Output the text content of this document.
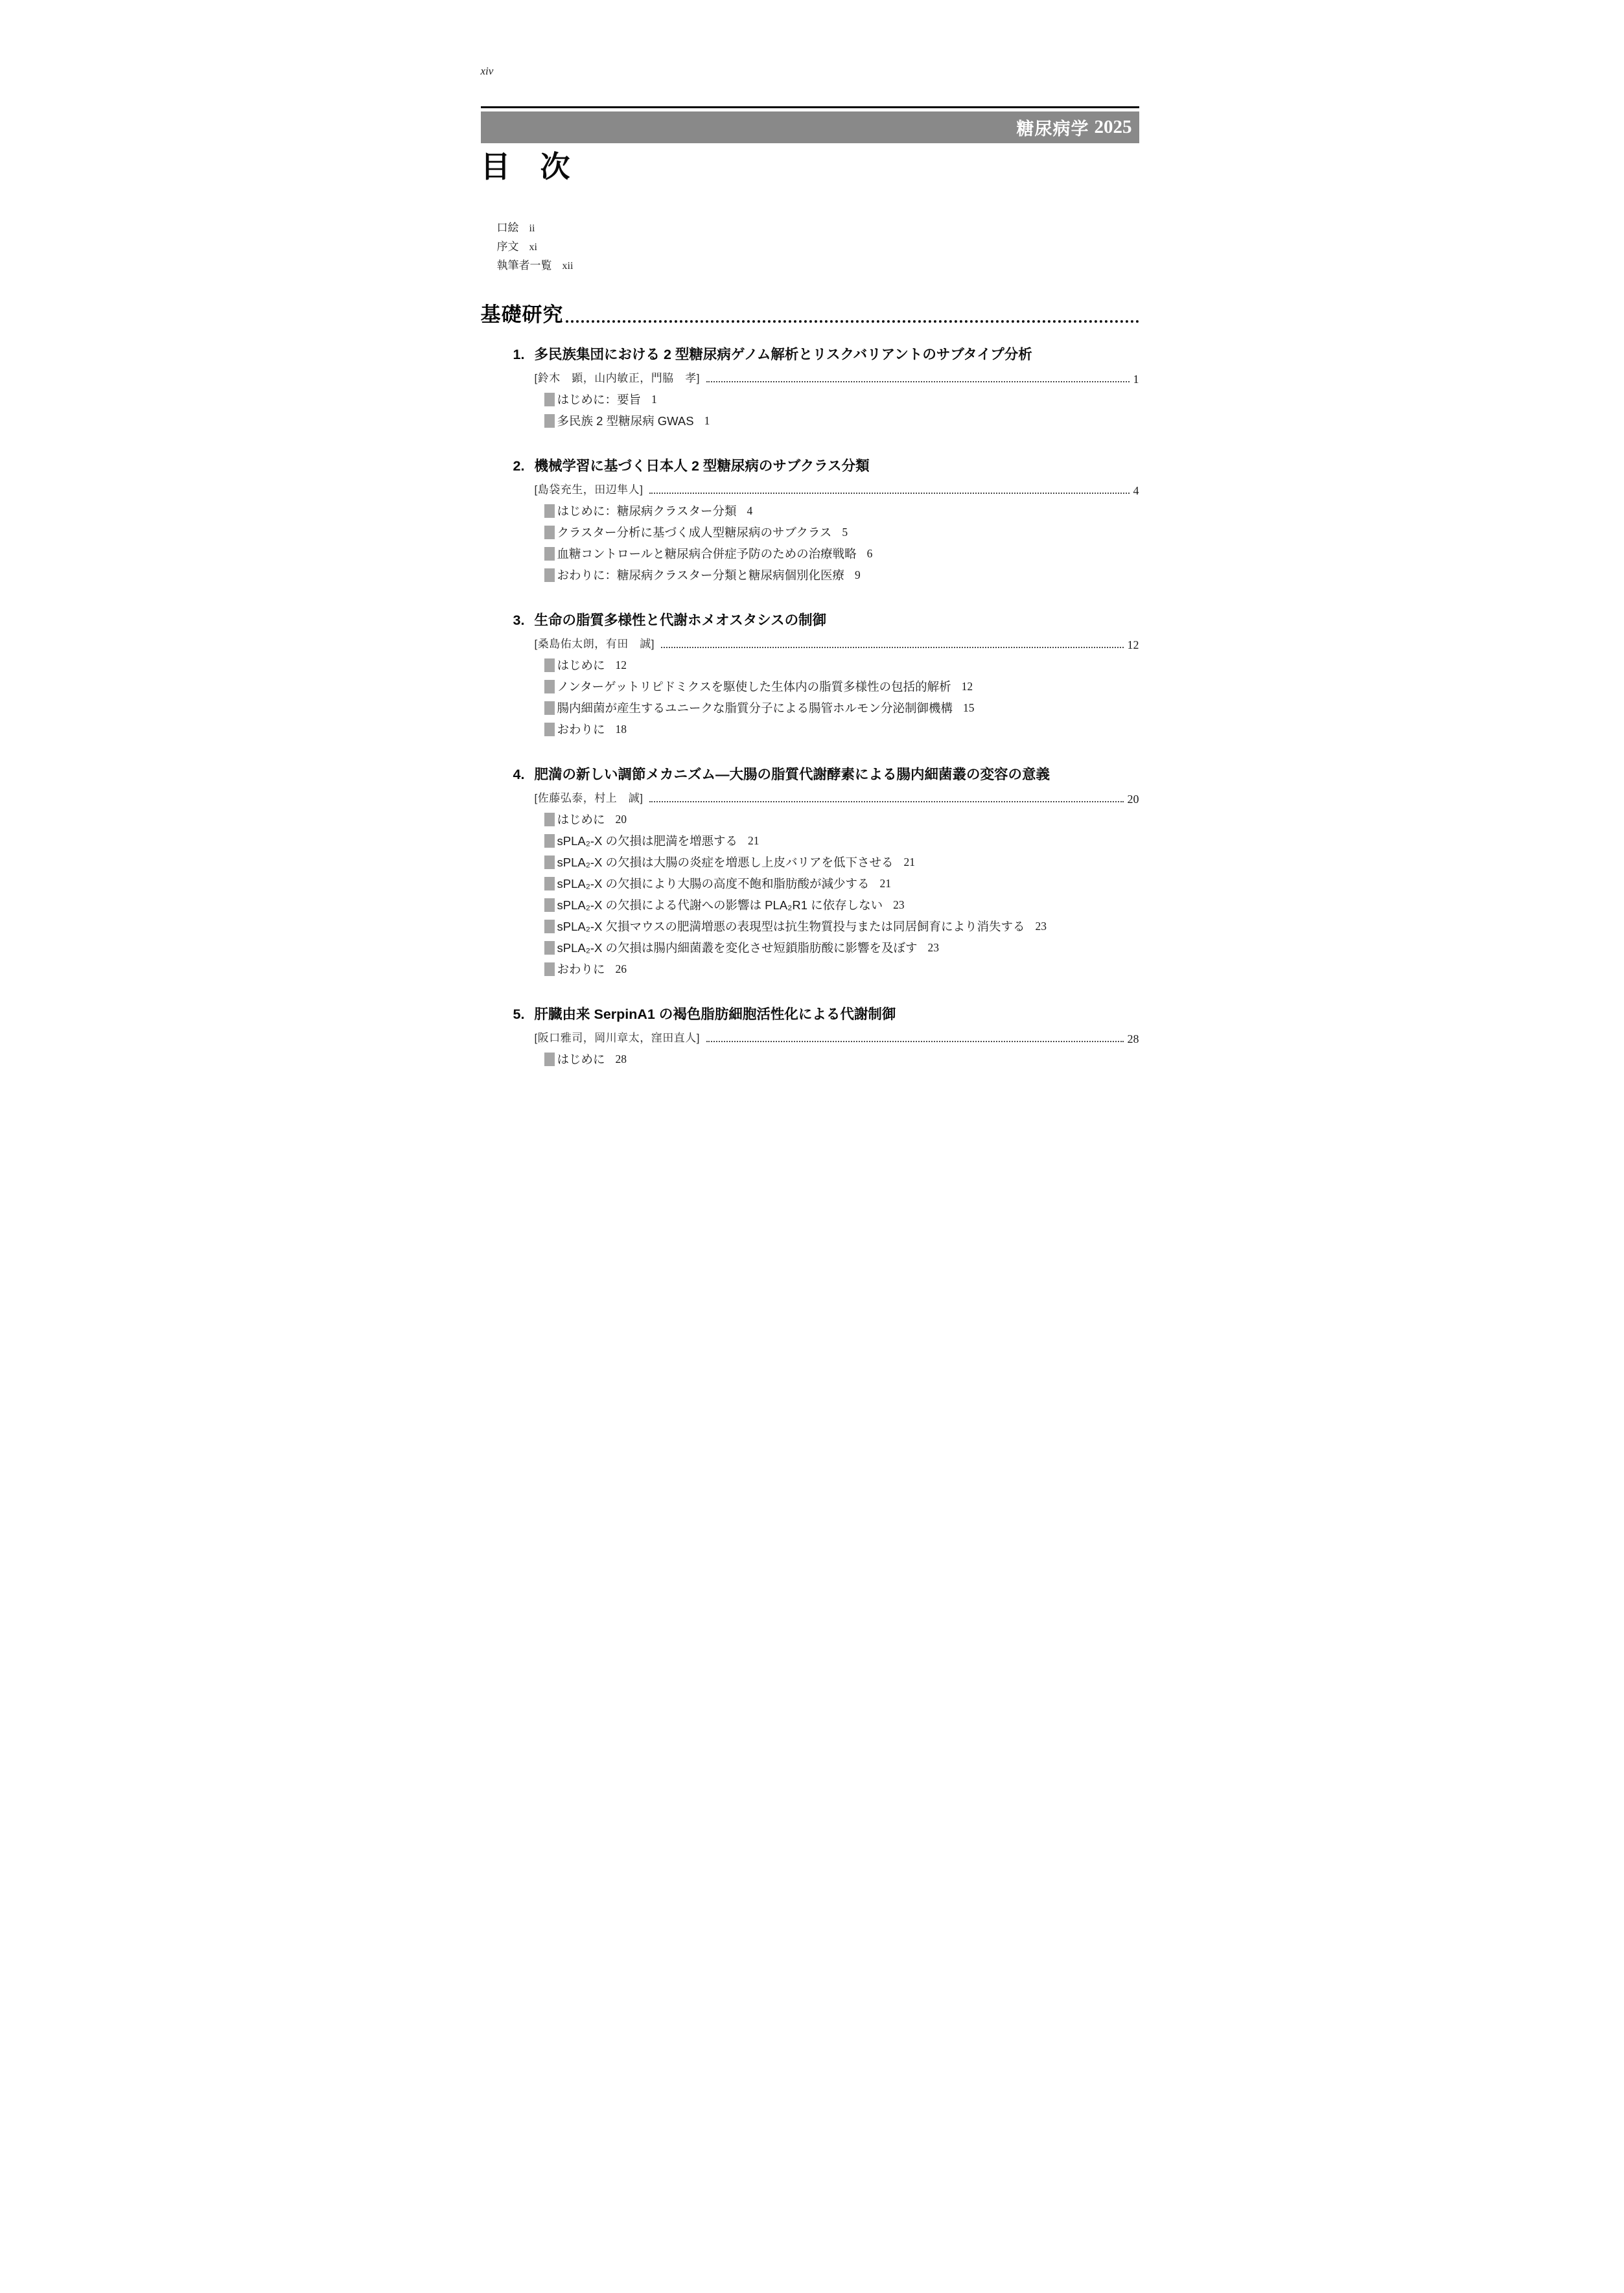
xiv
糖尿病学 2025
目　次
口絵 ii
序文 xi
執筆者一覧 xii
基礎研究
1. 多民族集団における 2 型糖尿病ゲノム解析とリスクバリアントのサブタイプ分析
[鈴木　顕，山内敏正，門脇　孝]	1
はじめに：要旨 1
多民族 2 型糖尿病 GWAS 1
2. 機械学習に基づく日本人 2 型糖尿病のサブクラス分類
[島袋充生，田辺隼人]	4
はじめに：糖尿病クラスター分類 4
クラスター分析に基づく成人型糖尿病のサブクラス 5
血糖コントロールと糖尿病合併症予防のための治療戦略 6
おわりに：糖尿病クラスター分類と糖尿病個別化医療 9
3. 生命の脂質多様性と代謝ホメオスタシスの制御
[桑島佑太朗，有田　誠]	12
はじめに 12
ノンターゲットリピドミクスを駆使した生体内の脂質多様性の包括的解析 12
腸内細菌が産生するユニークな脂質分子による腸管ホルモン分泌制御機構 15
おわりに 18
4. 肥満の新しい調節メカニズム―大腸の脂質代謝酵素による腸内細菌叢の変容の意義
[佐藤弘泰，村上　誠]	20
はじめに 20
sPLA₂-X の欠損は肥満を増悪する 21
sPLA₂-X の欠損は大腸の炎症を増悪し上皮バリアを低下させる 21
sPLA₂-X の欠損により大腸の高度不飽和脂肪酸が減少する 21
sPLA₂-X の欠損による代謝への影響は PLA₂R1 に依存しない 23
sPLA₂-X 欠損マウスの肥満増悪の表現型は抗生物質投与または同居飼育により消失する 23
sPLA₂-X の欠損は腸内細菌叢を変化させ短鎖脂肪酸に影響を及ぼす 23
おわりに 26
5. 肝臓由来 SerpinA1 の褐色脂肪細胞活性化による代謝制御
[阪口雅司，岡川章太，窪田直人]	28
はじめに 28
